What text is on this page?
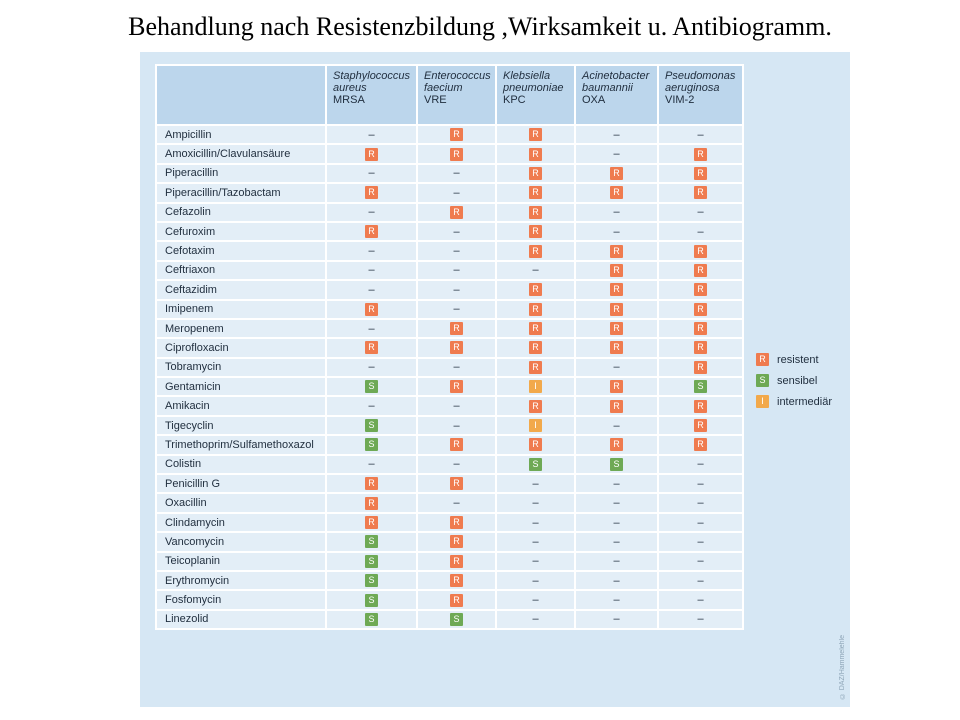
Behandlung nach Resistenzbildung ,Wirksamkeit u. Antibiogramm.

	Staphylococcus
aureus
MRSA	Enterococcus
faecium
VRE	Klebsiella
pneumoniae
KPC	Acinetobacter
baumannii
OXA	Pseudomonas
aeruginosa
VIM-2

Ampicillin	–	R	R	–	–
Amoxicillin/Clavulansäure	R	R	R	–	R
Piperacillin	–	–	R	R	R
Piperacillin/Tazobactam	R	–	R	R	R
Cefazolin	–	R	R	–	–
Cefuroxim	R	–	R	–	–
Cefotaxim	–	–	R	R	R
Ceftriaxon	–	–	–	R	R
Ceftazidim	–	–	R	R	R
Imipenem	R	–	R	R	R
Meropenem	–	R	R	R	R
Ciprofloxacin	R	R	R	R	R
Tobramycin	–	–	R	–	R
Gentamicin	S	R	I	R	S
Amikacin	–	–	R	R	R
Tigecyclin	S	–	I	–	R
Trimethoprim/Sulfamethoxazol	S	R	R	R	R
Colistin	–	–	S	S	–
Penicillin G	R	R	–	–	–
Oxacillin	R	–	–	–	–
Clindamycin	R	R	–	–	–
Vancomycin	S	R	–	–	–
Teicoplanin	S	R	–	–	–
Erythromycin	S	R	–	–	–
Fosfomycin	S	R	–	–	–
Linezolid	S	S	–	–	–
R resistent
S	sensibel
I	intermediär
© DAZ/Hammelehle
